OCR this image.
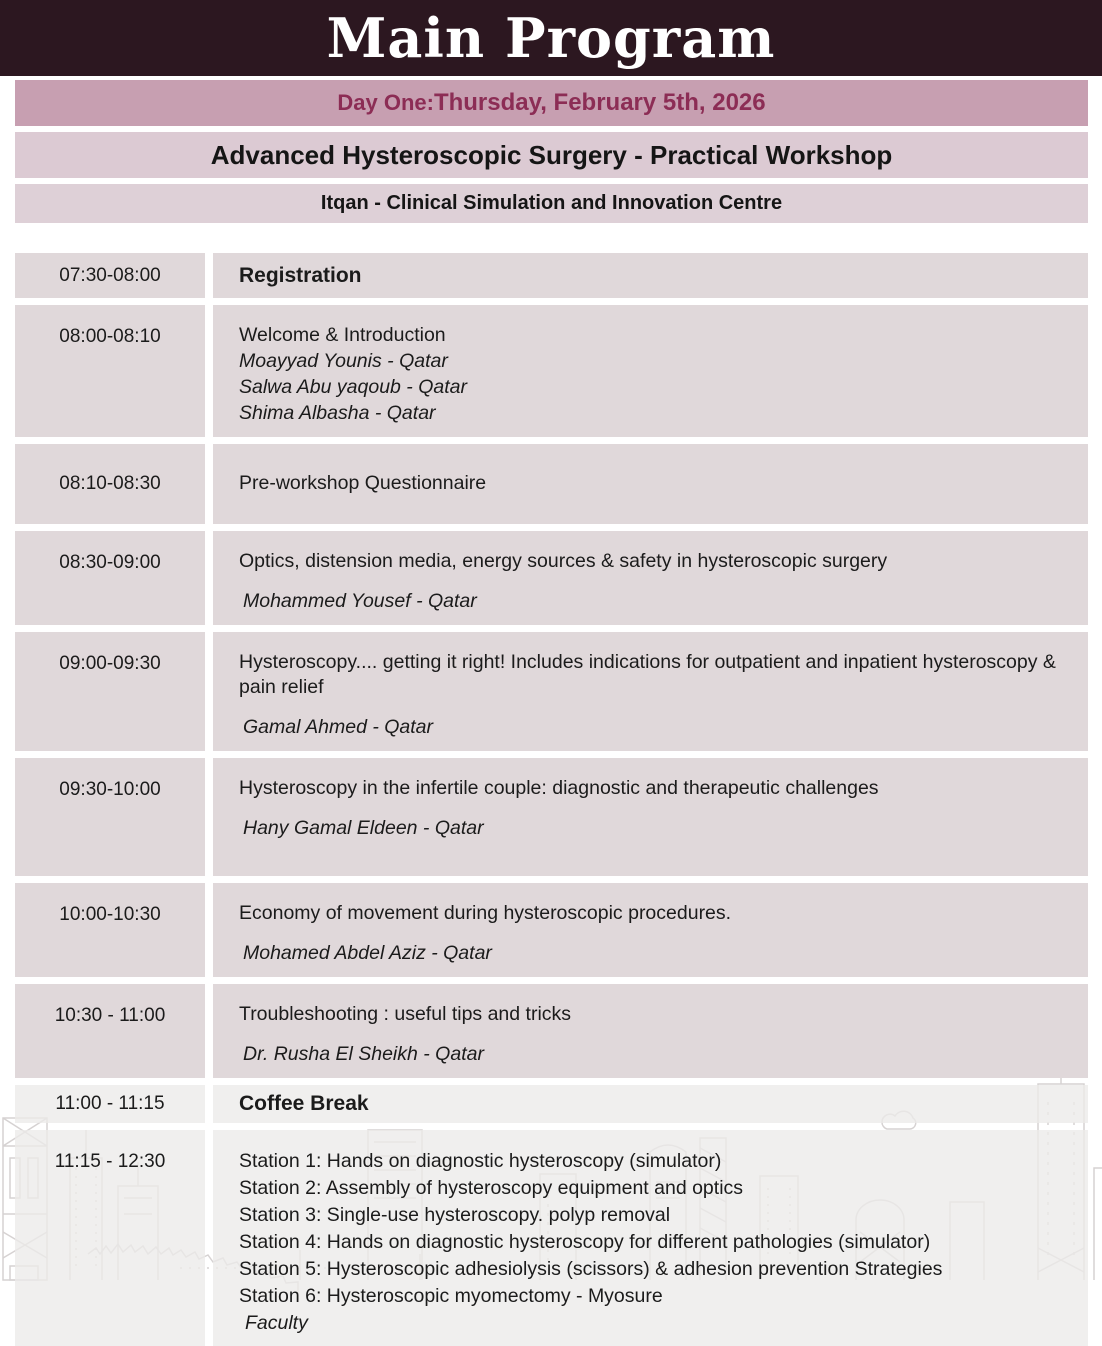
Main Program
Day One: Thursday, February 5th, 2026
Advanced Hysteroscopic Surgery - Practical Workshop
Itqan - Clinical Simulation and Innovation Centre
07:30-08:00	Registration
08:00-08:10	Welcome & Introduction
Moayyad Younis - Qatar
Salwa Abu yaqoub - Qatar
Shima Albasha - Qatar
08:10-08:30	Pre-workshop Questionnaire
08:30-09:00	Optics, distension media, energy sources & safety in hysteroscopic surgery
Mohammed Yousef - Qatar
09:00-09:30	Hysteroscopy.... getting it right! Includes indications for outpatient and inpatient hysteroscopy & pain relief
Gamal Ahmed - Qatar
09:30-10:00	Hysteroscopy in the infertile couple: diagnostic and therapeutic challenges
Hany Gamal Eldeen - Qatar
10:00-10:30	Economy of movement during hysteroscopic procedures.
Mohamed Abdel Aziz - Qatar
10:30 - 11:00	Troubleshooting : useful tips and tricks
Dr. Rusha El Sheikh - Qatar
11:00 - 11:15	Coffee Break
11:15 - 12:30	Station 1: Hands on diagnostic hysteroscopy (simulator)
Station 2: Assembly of hysteroscopy equipment and optics
Station 3: Single-use hysteroscopy. polyp removal
Station 4: Hands on diagnostic hysteroscopy for different pathologies (simulator)
Station 5: Hysteroscopic adhesiolysis (scissors) & adhesion prevention Strategies
Station 6: Hysteroscopic myomectomy - Myosure
Faculty
